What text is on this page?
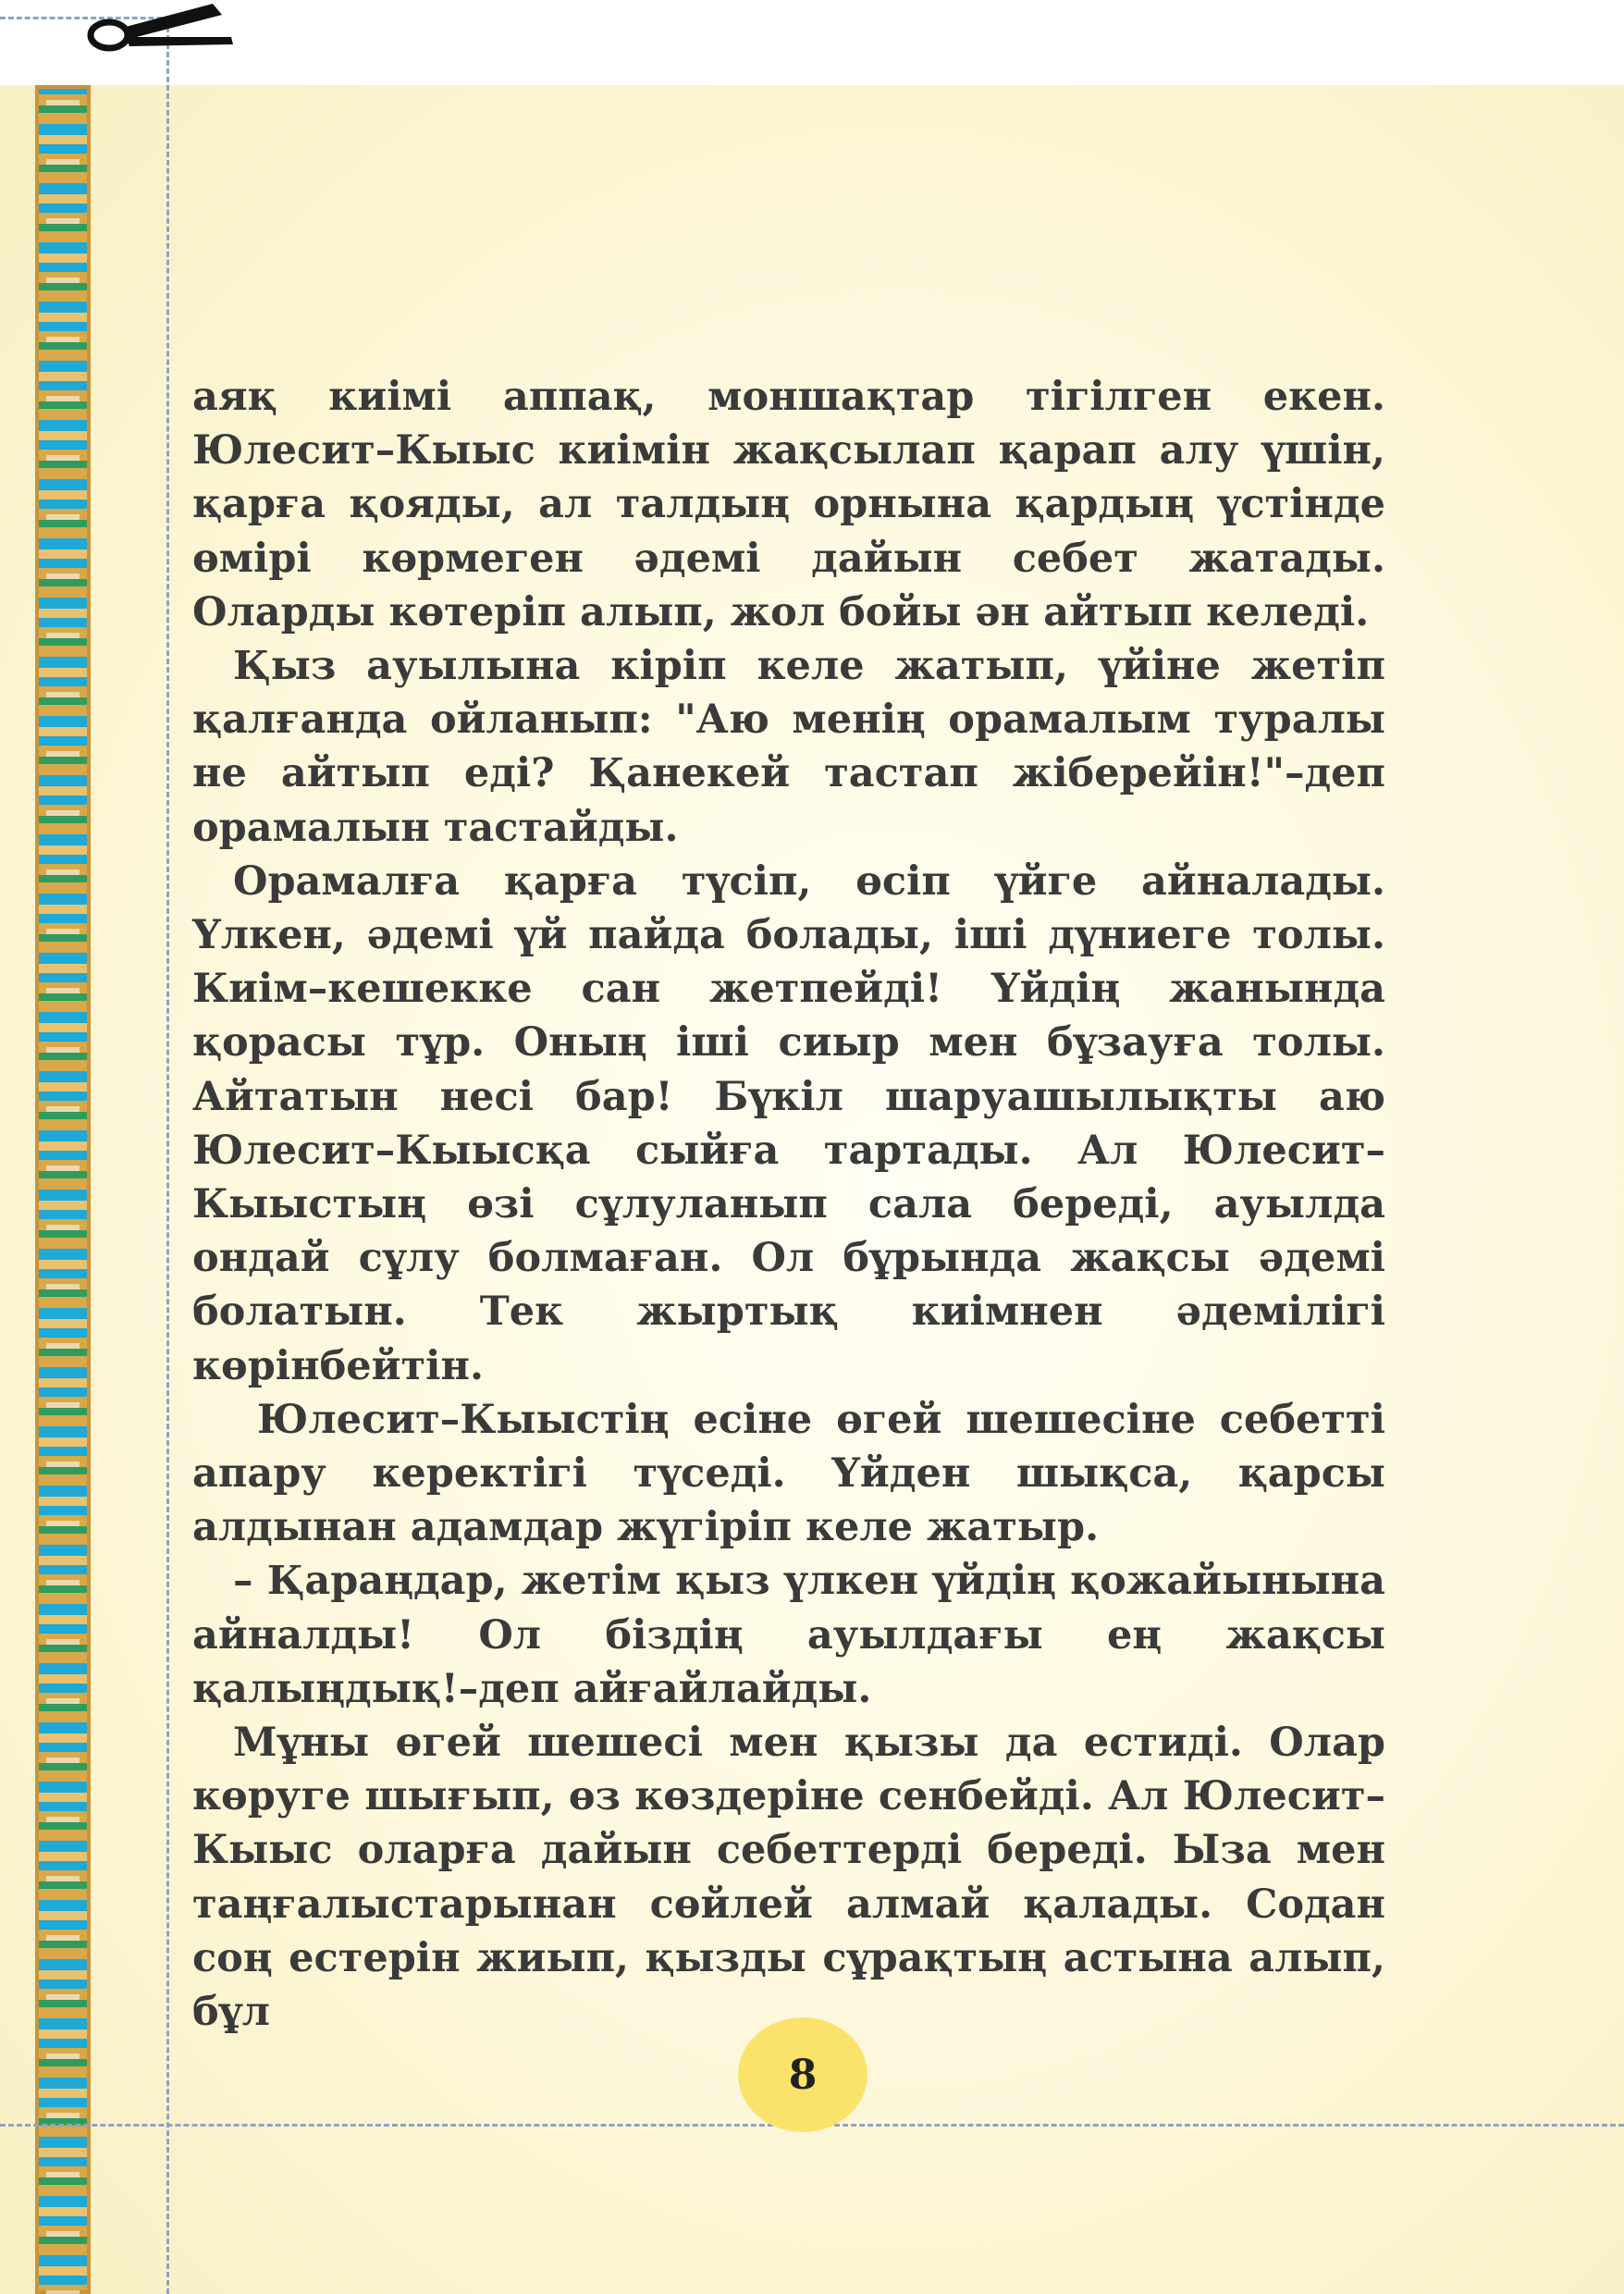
аяқ киімі аппақ, моншақтар тігілген екен. Юлесит–Кыыс киімін жақсылап қарап алу үшін, қарға қояды, ал талдың орнына қардың үстінде өмірі көрмеген әдемі дайын себет жатады. Оларды көтеріп алып, жол бойы ән айтып келеді.

Қыз ауылына кіріп келе жатып, үйіне жетіп қалғанда ойланып: "Аю менің орамалым туралы не айтып еді? Қанекей тастап жіберейін!"–деп орамалын тастайды.

Орамалға қарға түсіп, өсіп үйге айналады. Үлкен, әдемі үй пайда болады, іші дүниеге толы. Киім–кешекке сан жетпейді! Үйдің жанында қорасы тұр. Оның іші сиыр мен бұзауға толы. Айтатын несі бар! Бүкіл шаруашылықты аю Юлесит–Кыысқа сыйға тартады. Ал Юлесит–Кыыстың өзі сұлуланып сала береді, ауылда ондай сұлу болмаған. Ол бұрында жақсы әдемі болатын. Тек жыртық киімнен әдемілігі көрінбейтін.

Юлесит–Кыыстің есіне өгей шешесіне себетті апару керектігі түседі. Үйден шықса, қарсы алдынан адамдар жүгіріп келе жатыр.

– Қараңдар, жетім қыз үлкен үйдің қожайынына айналды! Ол біздің ауылдағы ең жақсы қалыңдық!–деп айғайлайды.

Мұны өгей шешесі мен қызы да естиді. Олар көруге шығып, өз көздеріне сенбейді. Ал Юлесит–Кыыс оларға дайын себеттерді береді. Ыза мен таңғалыстарынан сөйлей алмай қалады. Содан соң естерін жиып, қызды сұрақтың астына алып, бұл

8
